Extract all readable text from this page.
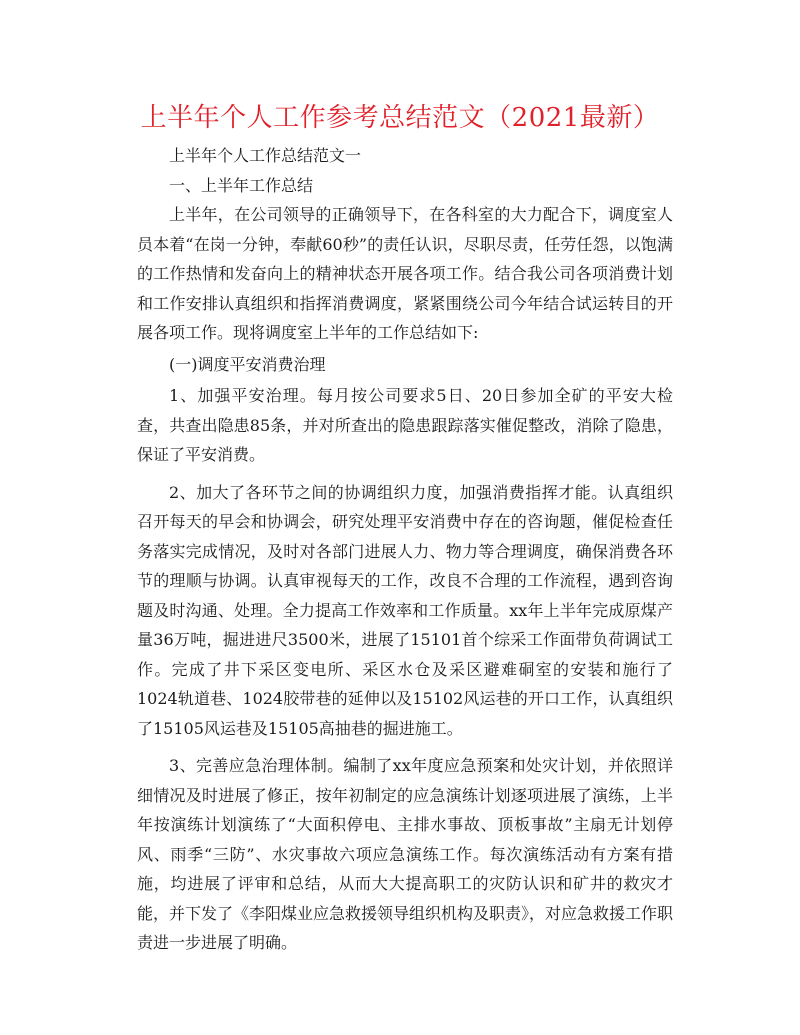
上半年个人工作参考总结范文（2021最新）

上半年个人工作总结范文一

一、上半年工作总结

上半年，在公司领导的正确领导下，在各科室的大力配合下，调度室人员本着“在岗一分钟，奉献60秒”的责任认识，尽职尽责，任劳任怨，以饱满的工作热情和发奋向上的精神状态开展各项工作。结合我公司各项消费计划和工作安排认真组织和指挥消费调度，紧紧围绕公司今年结合试运转目的开展各项工作。现将调度室上半年的工作总结如下:

(一)调度平安消费治理

1、加强平安治理。每月按公司要求5日、20日参加全矿的平安大检查，共查出隐患85条，并对所查出的隐患跟踪落实催促整改，消除了隐患，保证了平安消费。

2、加大了各环节之间的协调组织力度，加强消费指挥才能。认真组织召开每天的早会和协调会，研究处理平安消费中存在的咨询题，催促检查任务落实完成情况，及时对各部门进展人力、物力等合理调度，确保消费各环节的理顺与协调。认真审视每天的工作，改良不合理的工作流程，遇到咨询题及时沟通、处理。全力提高工作效率和工作质量。xx年上半年完成原煤产量36万吨，掘进进尺3500米，进展了15101首个综采工作面带负荷调试工作。完成了井下采区变电所、采区水仓及采区避难硐室的安装和施行了1024轨道巷、1024胶带巷的延伸以及15102风运巷的开口工作，认真组织了15105风运巷及15105高抽巷的掘进施工。

3、完善应急治理体制。编制了xx年度应急预案和处灾计划，并依照详细情况及时进展了修正，按年初制定的应急演练计划逐项进展了演练，上半年按演练计划演练了“大面积停电、主排水事故、顶板事故”主扇无计划停风、雨季“三防”、水灾事故六项应急演练工作。每次演练活动有方案有措施，均进展了评审和总结，从而大大提高职工的灾防认识和矿井的救灾才能，并下发了《李阳煤业应急救援领导组织机构及职责》，对应急救援工作职责进一步进展了明确。
